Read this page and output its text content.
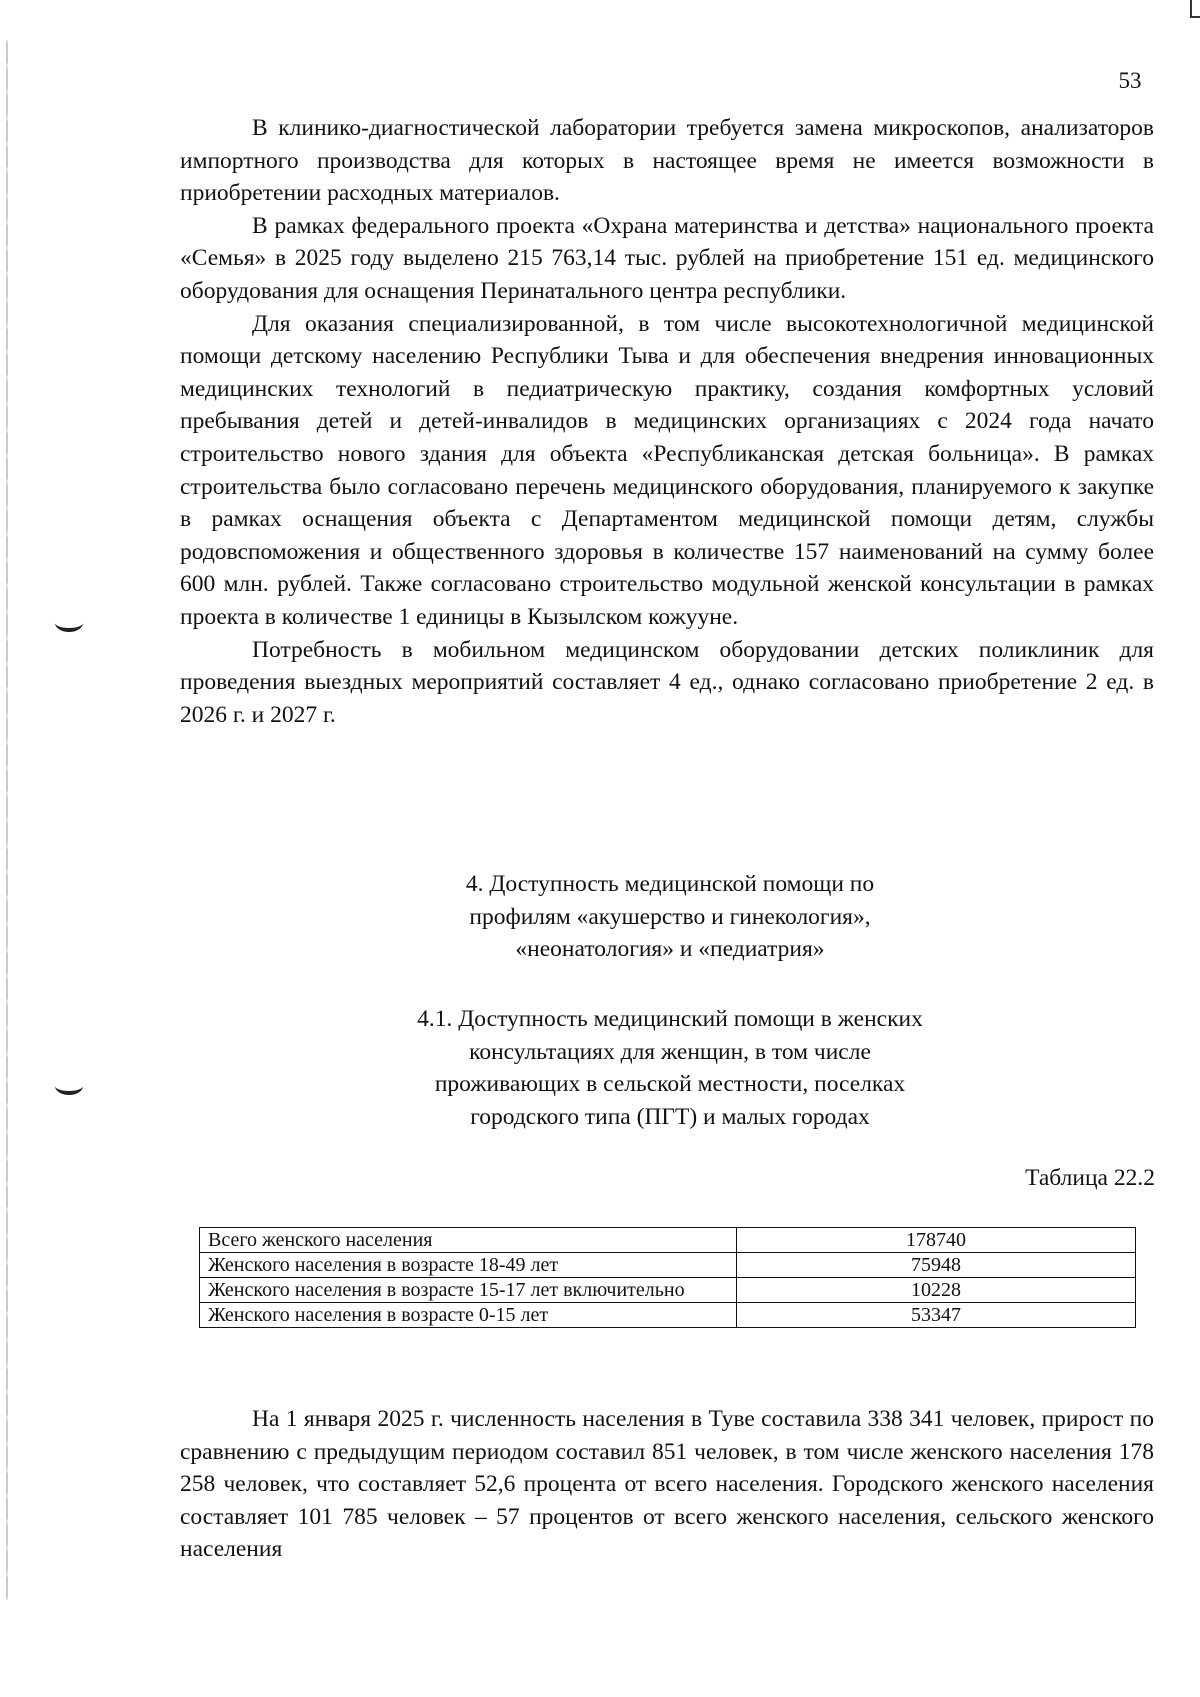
53

В клинико-диагностической лаборатории требуется замена микроскопов, анализаторов импортного производства для которых в настоящее время не имеется возможности в приобретении расходных материалов.

В рамках федерального проекта «Охрана материнства и детства» национального проекта «Семья» в 2025 году выделено 215 763,14 тыс. рублей на приобретение 151 ед. медицинского оборудования для оснащения Перинатального центра республики.

Для оказания специализированной, в том числе высокотехнологичной медицинской помощи детскому населению Республики Тыва и для обеспечения внедрения инновационных медицинских технологий в педиатрическую практику, создания комфортных условий пребывания детей и детей-инвалидов в медицинских организациях с 2024 года начато строительство нового здания для объекта «Республиканская детская больница». В рамках строительства было согласовано перечень медицинского оборудования, планируемого к закупке в рамках оснащения объекта с Департаментом медицинской помощи детям, службы родовспоможения и общественного здоровья в количестве 157 наименований на сумму более 600 млн. рублей. Также согласовано строительство модульной женской консультации в рамках проекта в количестве 1 единицы в Кызылском кожууне.

Потребность в мобильном медицинском оборудовании детских поликлиник для проведения выездных мероприятий составляет 4 ед., однако согласовано приобретение 2 ед. в 2026 г. и 2027 г.

4. Доступность медицинской помощи по
профилям «акушерство и гинекология»,
«неонатология» и «педиатрия»
4.1. Доступность медицинский помощи в женских
консультациях для женщин, в том числе
проживающих в сельской местности, поселках
городского типа (ПГТ) и малых городах
Таблица 22.2
Всего женского населения	178740
Женского населения в возрасте 18-49 лет	75948
Женского населения в возрасте 15-17 лет включительно	10228
Женского населения в возрасте 0-15 лет	53347

На 1 января 2025 г. численность населения в Туве составила 338 341 человек, прирост по сравнению с предыдущим периодом составил 851 человек, в том числе женского населения 178 258 человек, что составляет 52,6 процента от всего населения. Городского женского населения составляет 101 785 человек – 57 процентов от всего женского населения, сельского женского населения
